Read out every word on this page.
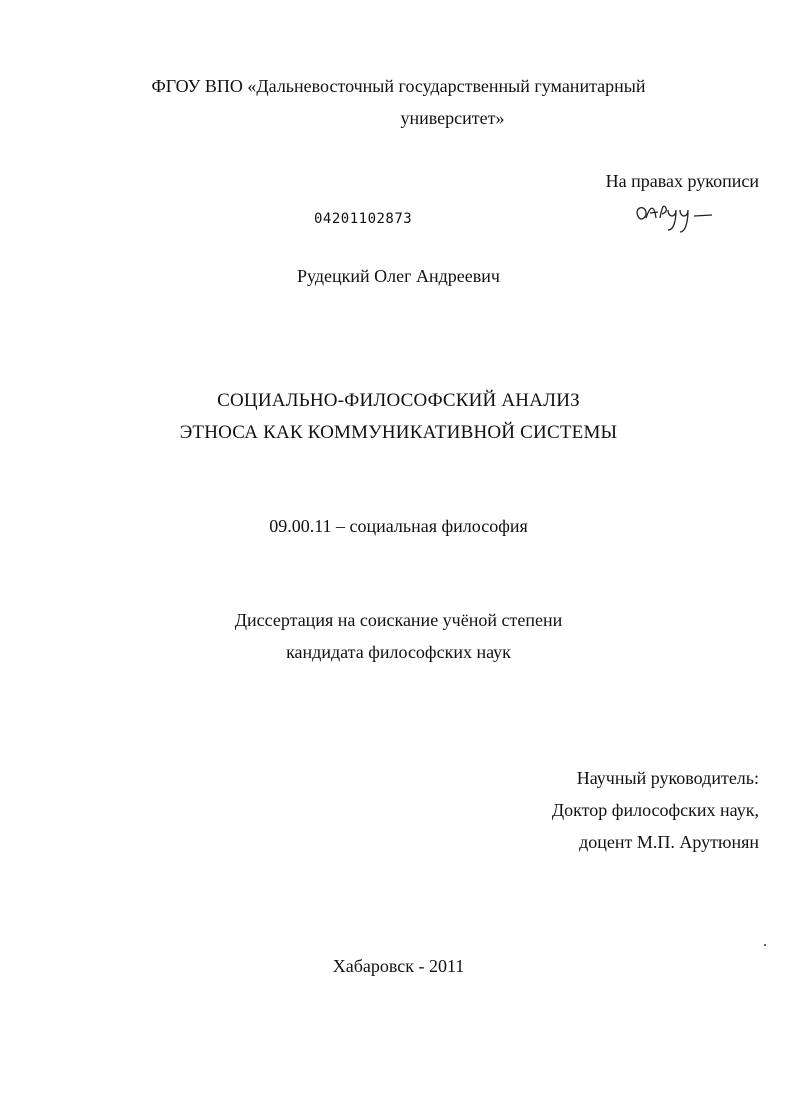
ФГОУ ВПО «Дальневосточный государственный гуманитарный
университет»
На правах рукописи
04201102873
Рудецкий Олег Андреевич
СОЦИАЛЬНО-ФИЛОСОФСКИЙ АНАЛИЗ
ЭТНОСА КАК КОММУНИКАТИВНОЙ СИСТЕМЫ
09.00.11 – социальная философия
Диссертация на соискание учёной степени
кандидата философских наук
Научный руководитель:
Доктор философских наук,
доцент М.П. Арутюнян
Хабаровск - 2011
